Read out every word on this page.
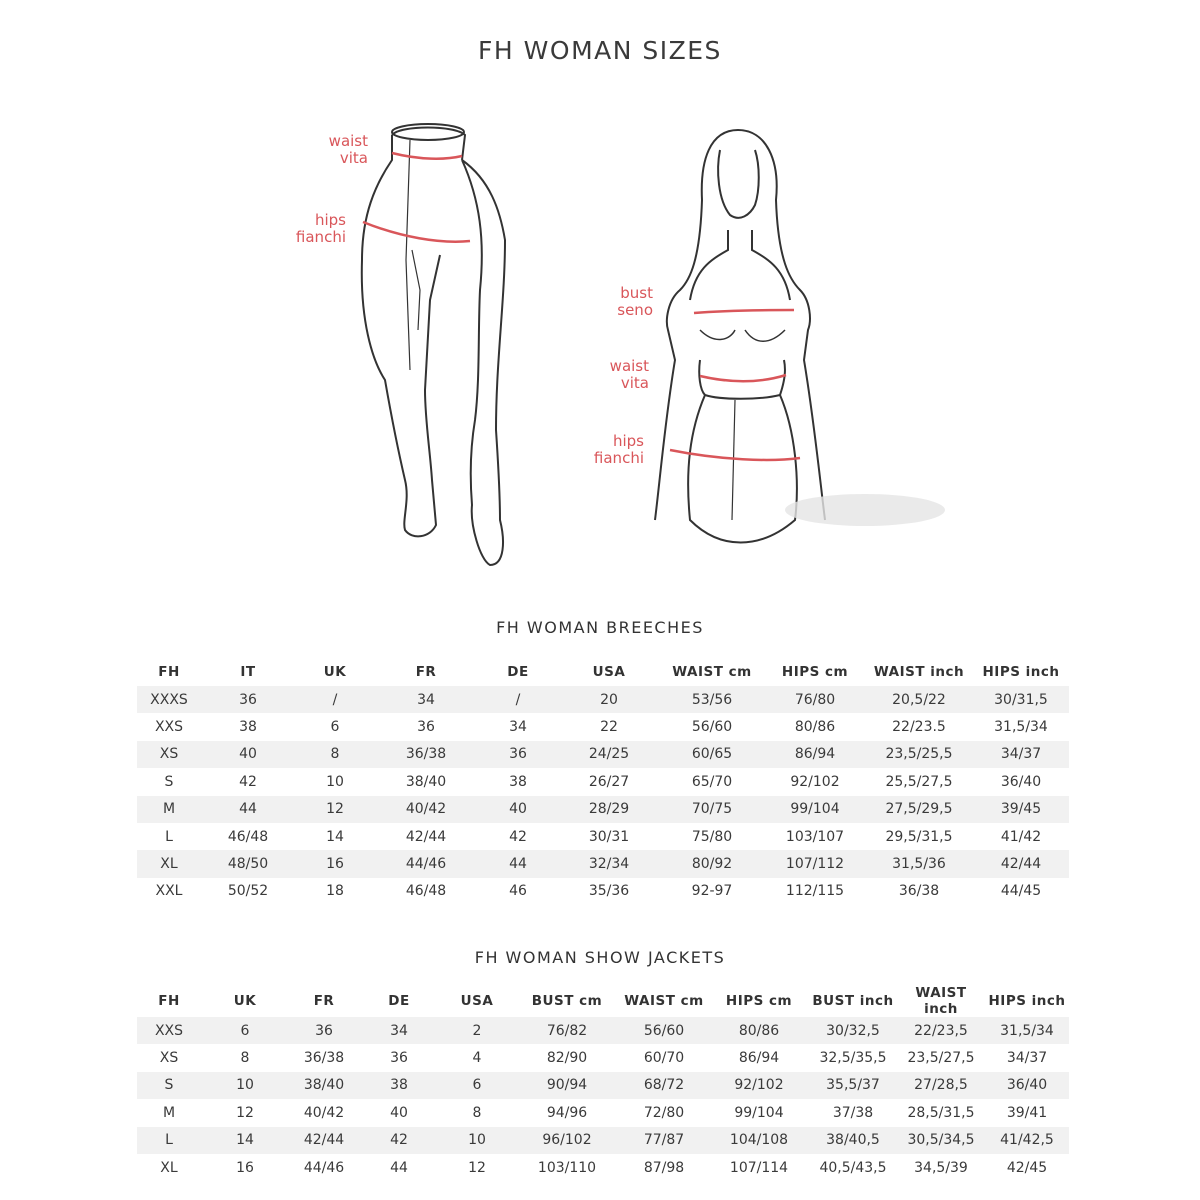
FH WOMAN SIZES
waist
vita
hips
fianchi
bust
seno
waist
vita
hips
fianchi
FH WOMAN BREECHES
FH	IT	UK	FR	DE	USA	WAIST cm	HIPS cm	WAIST inch	HIPS inch
XXXS	36	/	34	/	20	53/56	76/80	20,5/22	30/31,5
XXS	38	6	36	34	22	56/60	80/86	22/23.5	31,5/34
XS	40	8	36/38	36	24/25	60/65	86/94	23,5/25,5	34/37
S	42	10	38/40	38	26/27	65/70	92/102	25,5/27,5	36/40
M	44	12	40/42	40	28/29	70/75	99/104	27,5/29,5	39/45
L	46/48	14	42/44	42	30/31	75/80	103/107	29,5/31,5	41/42
XL	48/50	16	44/46	44	32/34	80/92	107/112	31,5/36	42/44
XXL	50/52	18	46/48	46	35/36	92-97	112/115	36/38	44/45
FH WOMAN SHOW JACKETS
FH	UK	FR	DE	USA	BUST cm	WAIST cm	HIPS cm	BUST inch	WAIST inch	HIPS inch
XXS	6	36	34	2	76/82	56/60	80/86	30/32,5	22/23,5	31,5/34
XS	8	36/38	36	4	82/90	60/70	86/94	32,5/35,5	23,5/27,5	34/37
S	10	38/40	38	6	90/94	68/72	92/102	35,5/37	27/28,5	36/40
M	12	40/42	40	8	94/96	72/80	99/104	37/38	28,5/31,5	39/41
L	14	42/44	42	10	96/102	77/87	104/108	38/40,5	30,5/34,5	41/42,5
XL	16	44/46	44	12	103/110	87/98	107/114	40,5/43,5	34,5/39	42/45
